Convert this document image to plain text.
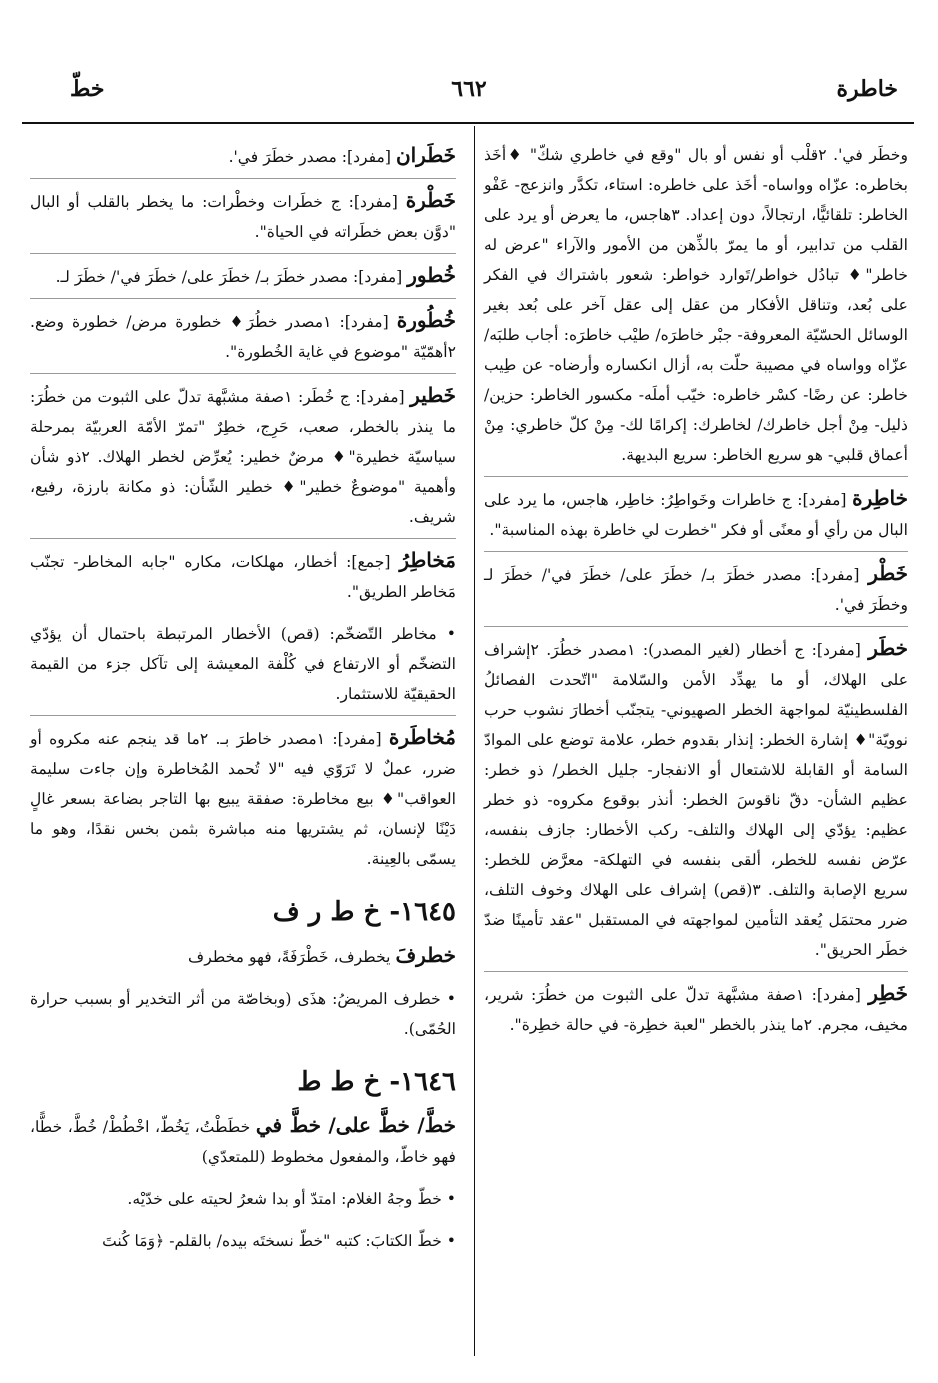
خاطرة
٦٦٢
خطّ

وخطَر في'. ٢قلْب أو نفس أو بال "وقع في خاطري شكّ" ♦أخَذ بخاطره: عزّاه وواساه- أخَذ على خاطره: استاء، تكدَّر وانزعج- عَفْو الخاطر: تلقائيًّا، ارتجالاً، دون إعداد. ٣هاجس، ما يعرض أو يرد على القلب من تدابير، أو ما يمرّ بالذِّهن من الأمور والآراء "عرض له خاطر"♦ تبادُل خواطر/تَوارد خواطر: شعور باشتراك في الفكر على بُعد، وتناقل الأفكار من عقل إلى عقل آخر على بُعد بغير الوسائل الحسّيّة المعروفة- جبْر خاطرَه/ طيْب خاطرَه: أجاب طلبَه/ عزّاه وواساه في مصيبة حلّت به، أزال انكساره وأرضاه- عن طِيب خاطر: عن رضًا- كسْر خاطره: خيّب أملَه- مكسور الخاطر: حزين/ ذليل- مِنْ أجل خاطرك/ لخاطرك: إكرامًا لك- مِنْ كلّ خاطري: مِنْ أعماق قلبي- هو سريع الخاطر: سريع البديهة.

خاطِرة [مفرد]: ج خاطرات وخَواطِرُ: خاطِر، هاجس، ما يرد على البال من رأي أو معنًى أو فكر "خطرت لي خاطرة بهذه المناسبة".

خَطْر [مفرد]: مصدر خطَرَ بـ/ خطَرَ على/ خطَرَ في'/ خطَرَ لـ وخطَرَ في'.

خطَر [مفرد]: ج أخطار (لغير المصدر): ١مصدر خطُرَ. ٢إشراف على الهلاك، أو ما يهدِّد الأمن والسّلامة "اتّحدت الفصائلُ الفلسطينيّة لمواجهة الخطر الصهيوني- يتجنّب أخطارَ نشوب حرب نوويّة"♦ إشارة الخطر: إنذار بقدوم خطر، علامة توضع على الموادّ السامة أو القابلة للاشتعال أو الانفجار- جليل الخطر/ ذو خطر: عظيم الشأن- دقّ ناقوسَ الخطر: أنذر بوقوع مكروه- ذو خطر عظيم: يؤدّي إلى الهلاك والتلف- ركب الأخطار: جازف بنفسه، عرّض نفسه للخطر، ألقى بنفسه في التهلكة- معرَّض للخطر: سريع الإصابة والتلف. ٣(قص) إشراف على الهلاك وخوف التلف، ضرر محتمَل يُعقد التأمين لمواجهته في المستقبل "عقد تأمينًا ضدّ خطَر الحريق".

خَطِر [مفرد]: ١صفة مشبَّهة تدلّ على الثبوت من خطُرَ: شرير، مخيف، مجرم. ٢ما ينذر بالخطر "لعبة خطِرة- في حالة خطِرة".

خَطَران [مفرد]: مصدر خطَرَ في'.

خَطْرة [مفرد]: ج خطَرات وخطْرات: ما يخطر بالقلب أو البال "دوَّن بعض خطَراته في الحياة".

خُطور [مفرد]: مصدر خطَرَ بـ/ خطَرَ على/ خطَرَ في'/ خطَرَ لـ.

خُطُورة [مفرد]: ١مصدر خطُرَ♦ خطورة مرض/ خطورة وضع. ٢أهمّيّة "موضوع في غاية الخُطورة".

خَطير [مفرد]: ج خُطَر: ١صفة مشبَّهة تدلّ على الثبوت من خطُرَ: ما ينذر بالخطر، صعب، حَرِج، خطِرٌ "تمرّ الأمّة العربيّة بمرحلة سياسيّة خطيرة"♦ مرضٌ خطير: يُعرِّض لخطر الهلاك. ٢ذو شأن وأهمية "موضوعٌ خطير"♦ خطير الشّأن: ذو مكانة بارزة، رفيع، شريف.

مَخاطِرُ [جمع]: أخطار، مهلكات، مكاره "جابه المخاطر- تجنّب مَخاطر الطريق".

• مخاطر التّضخّم: (قص) الأخطار المرتبطة باحتمال أن يؤدّي التضخّم أو الارتفاع في كُلْفة المعيشة إلى تآكل جزء من القيمة الحقيقيّة للاستثمار.

مُخاطَرة [مفرد]: ١مصدر خاطرَ بـ. ٢ما قد ينجم عنه مكروه أو ضرر، عملٌ لا تَرَوّي فيه "لا تُحمد المُخاطرة وإن جاءت سليمة العواقب"♦ بيع مخاطرة: صفقة يبيع بها التاجر بضاعة بسعر غالٍ دَيْنًا لإنسان، ثم يشتريها منه مباشرة بثمن بخس نقدًا، وهو ما يسمّى بالعِينة.

١٦٤٥- خ ط ر ف

خطرفَ يخطرف، خَطْرَفَةً، فهو مخطرف

• خطرف المريضُ: هذَى (وبخاصّة من أثر التخدير أو بسبب حرارة الحُمّى).

١٦٤٦- خ ط ط

خطَّ/ خطَّ على/ خطَّ في خطَطْتُ، يَخُطّ، اخْطُطْ/ خُطَّ، خطًّا، فهو خاطّ، والمفعول مخطوط (للمتعدّي)

• خطّ وجهُ الغلام: امتدّ أو بدا شعرُ لحيته على خدّيْه.

• خطّ الكتابَ: كتبه "خطّ نسختَه بيده/ بالقلم- ﴿وَمَا كُنتَ
